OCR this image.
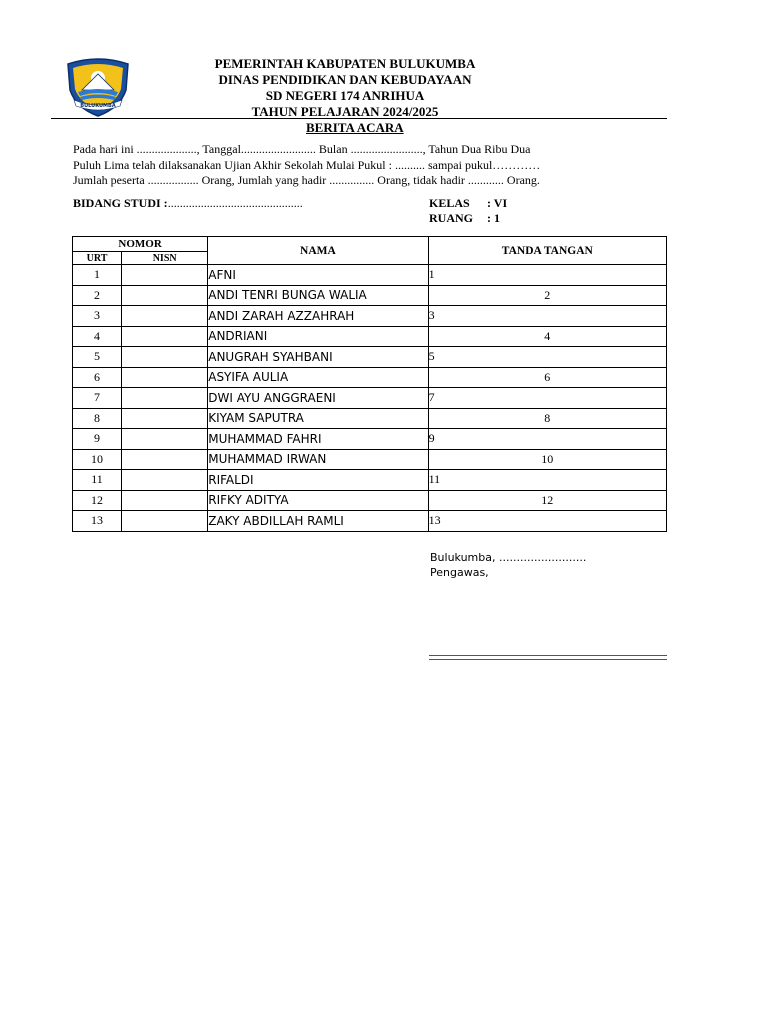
BULUKUMBA
PEMERINTAH KABUPATEN BULUKUMBA
DINAS PENDIDIKAN DAN KEBUDAYAAN
SD NEGERI 174 ANRIHUA
TAHUN PELAJARAN 2024/2025
BERITA ACARA
Pada hari ini ...................., Tanggal......................... Bulan ........................, Tahun Dua Ribu Dua
Puluh Lima telah dilaksanakan Ujian Akhir Sekolah Mulai Pukul : .......... sampai pukul…………
Jumlah peserta ................. Orang, Jumlah yang hadir ............... Orang, tidak hadir ............ Orang.
BIDANG STUDI :.............................................	KELAS : VI
RUANG : 1
NOMOR		NAMA	TANDA TANGAN
URT	NISN		
1		AFNI	1
2		ANDI TENRI BUNGA WALIA	2
3		ANDI ZARAH AZZAHRAH	3
4		ANDRIANI	4
5		ANUGRAH SYAHBANI	5
6		ASYIFA AULIA	6
7		DWI AYU ANGGRAENI	7
8		KIYAM SAPUTRA	8
9		MUHAMMAD FAHRI	9
10		MUHAMMAD IRWAN	10
11		RIFALDI	11
12		RIFKY ADITYA	12
13		ZAKY ABDILLAH RAMLI	13
Bulukumba, .........................
Pengawas,
